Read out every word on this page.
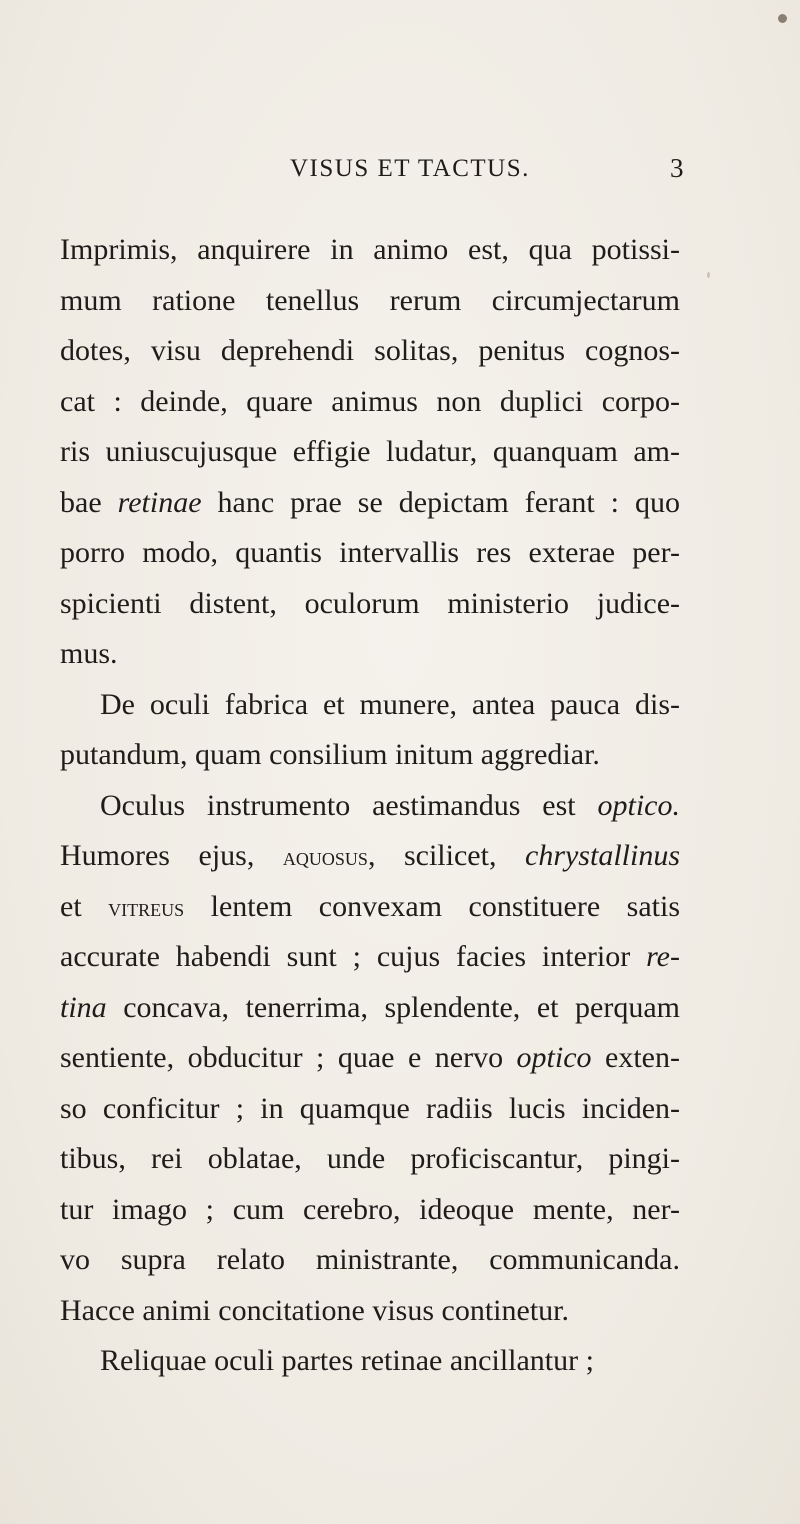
VISUS ET TACTUS.	3
Imprimis, anquirere in animo est, qua potissi-
mum ratione tenellus rerum circumjectarum
dotes, visu deprehendi solitas, penitus cognos-
cat : deinde, quare animus non duplici corpo-
ris uniuscujusque effigie ludatur, quanquam am-
bae retinae hanc prae se depictam ferant : quo
porro modo, quantis intervallis res exterae per-
spicienti distent, oculorum ministerio judice-
mus.
De oculi fabrica et munere, antea pauca dis-
putandum, quam consilium initum aggrediar.
Oculus instrumento aestimandus est optico.
Humores ejus, aquosus, scilicet, chrystallinus
et vitreus lentem convexam constituere satis
accurate habendi sunt ; cujus facies interior re-
tina concava, tenerrima, splendente, et perquam
sentiente, obducitur ; quae e nervo optico exten-
so conficitur ; in quamque radiis lucis inciden-
tibus, rei oblatae, unde proficiscantur, pingi-
tur imago ; cum cerebro, ideoque mente, ner-
vo supra relato ministrante, communicanda.
Hacce animi concitatione visus continetur.
Reliquae oculi partes retinae ancillantur ;
